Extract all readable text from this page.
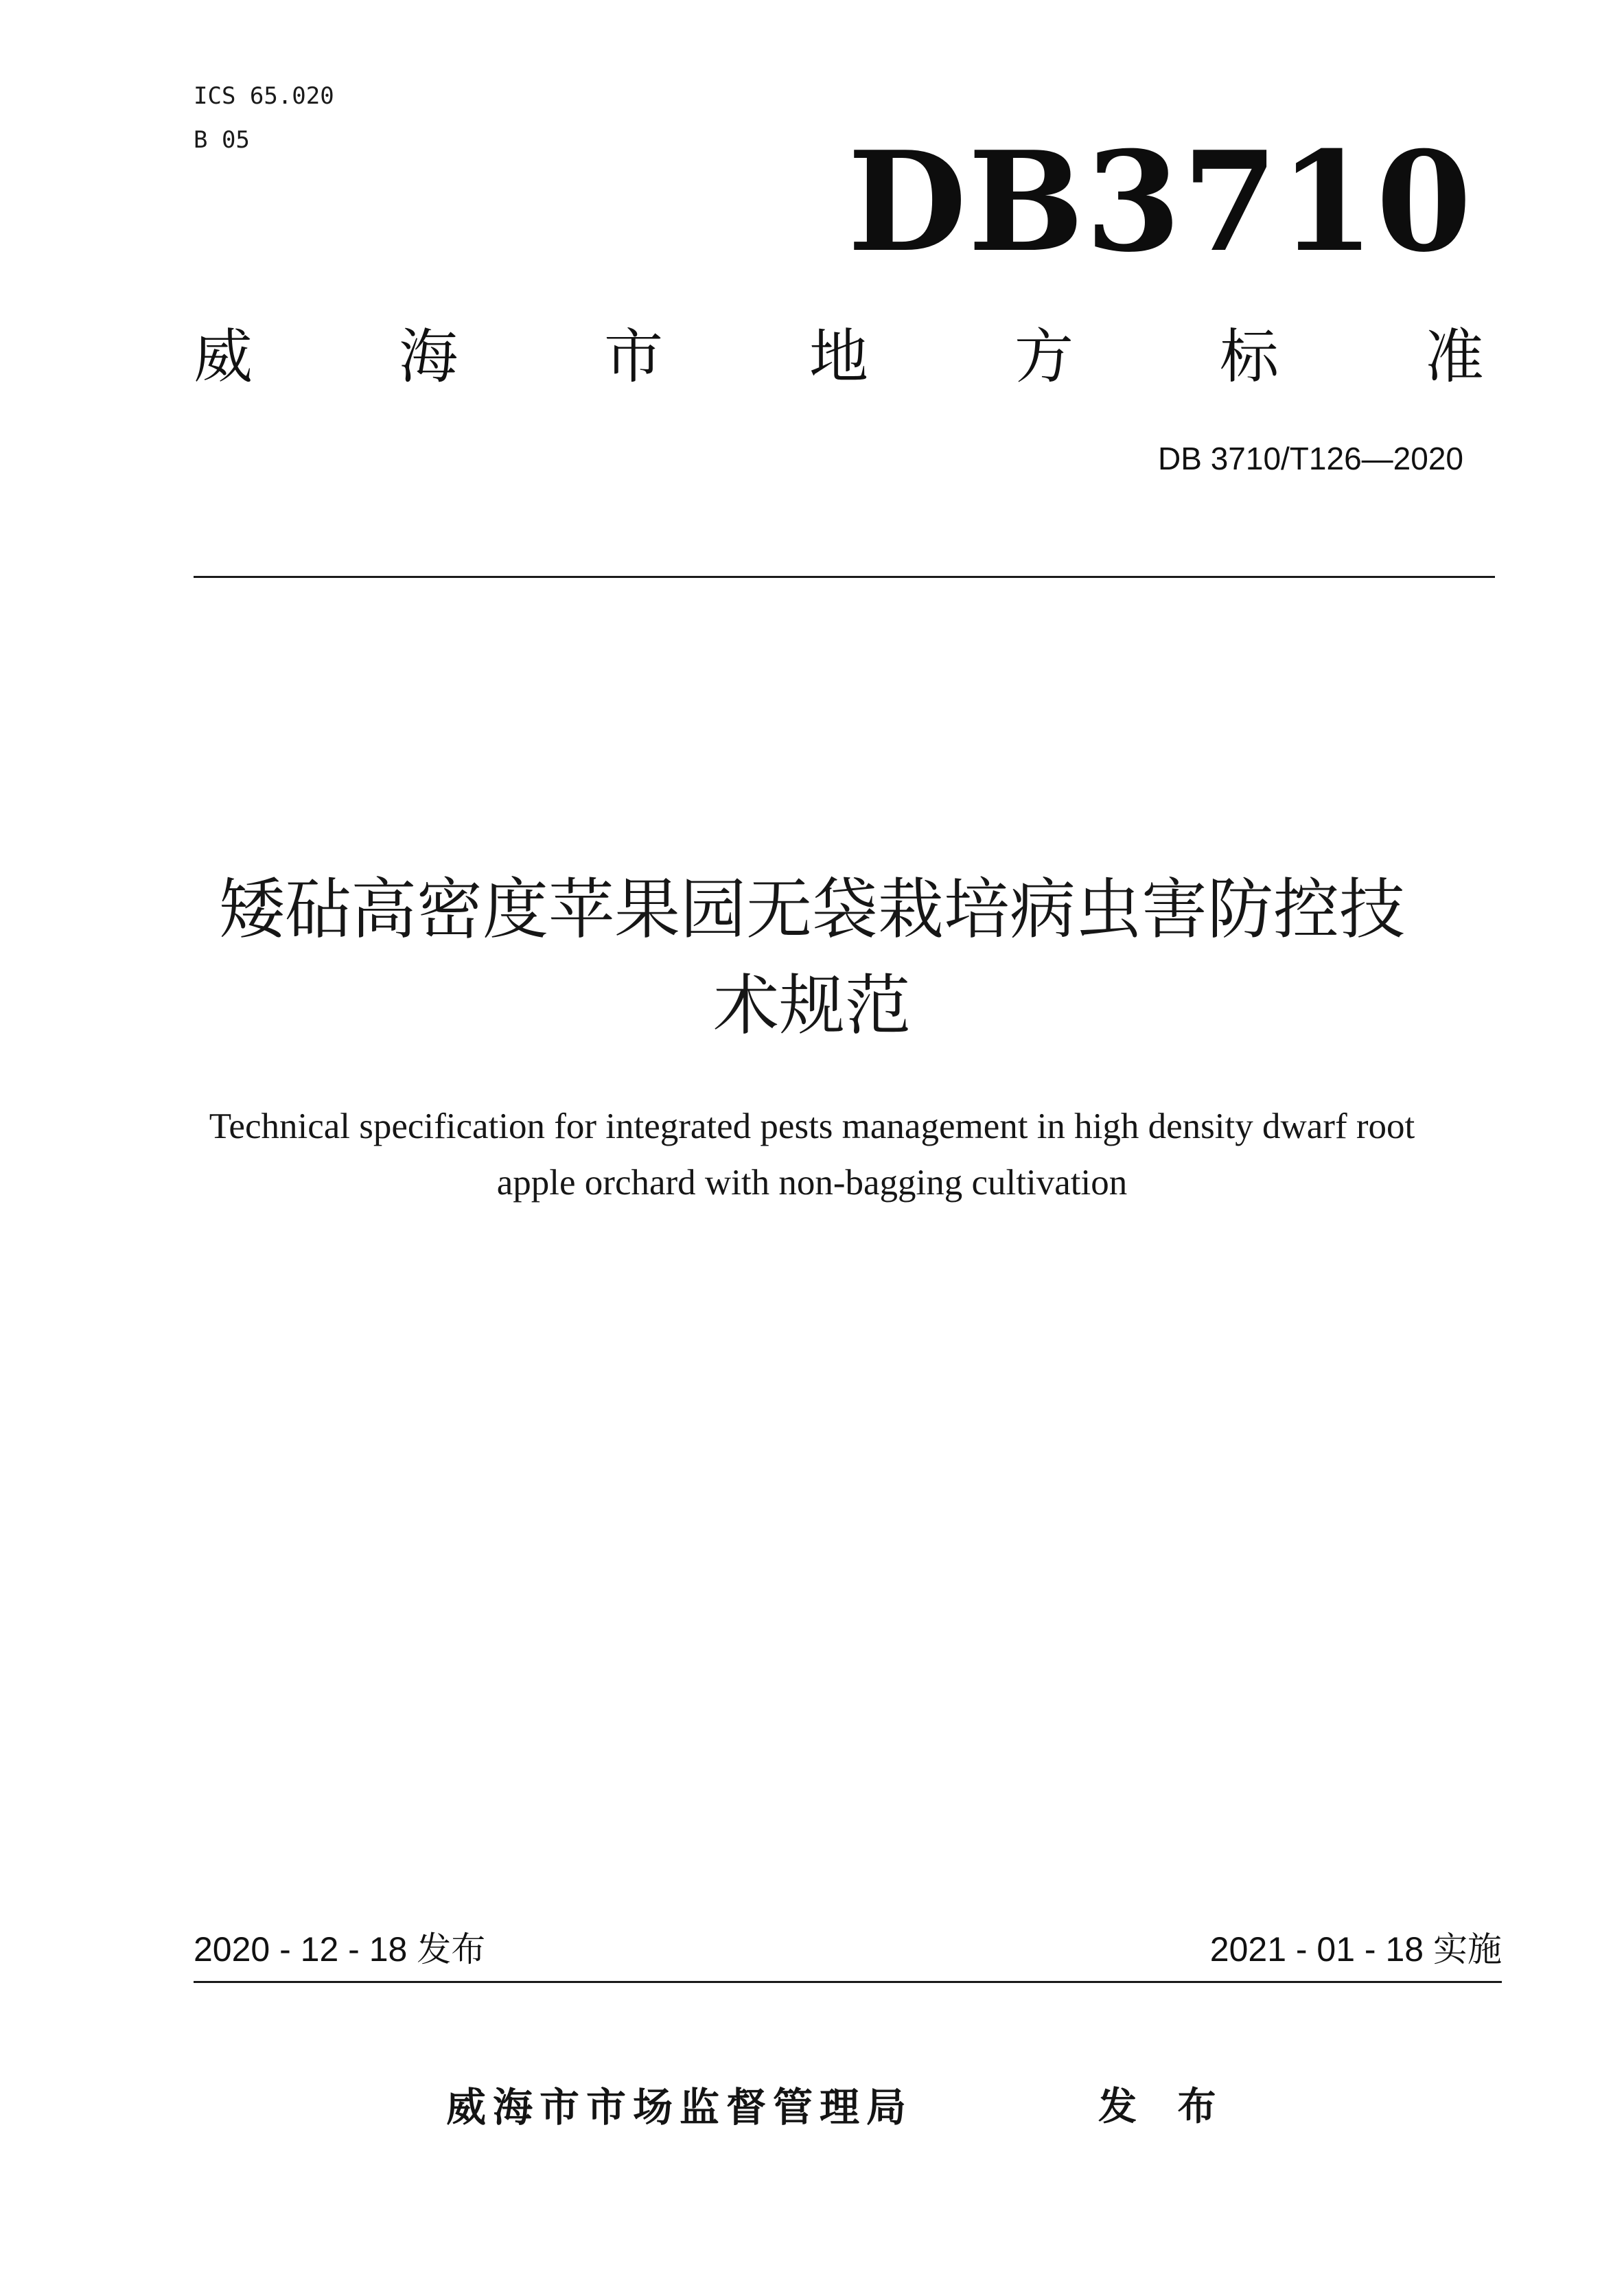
ICS 65.020
B 05	DB3710
威 海 市 地 方 标 准
DB 3710/T126—2020
矮砧高密度苹果园无袋栽培病虫害防控技
术规范
Technical specification for integrated pests management in high density dwarf root
apple orchard with non-bagging cultivation
2020 - 12 - 18 发布	2021 - 01 - 18 实施
威海市市场监督管理局	发 布
